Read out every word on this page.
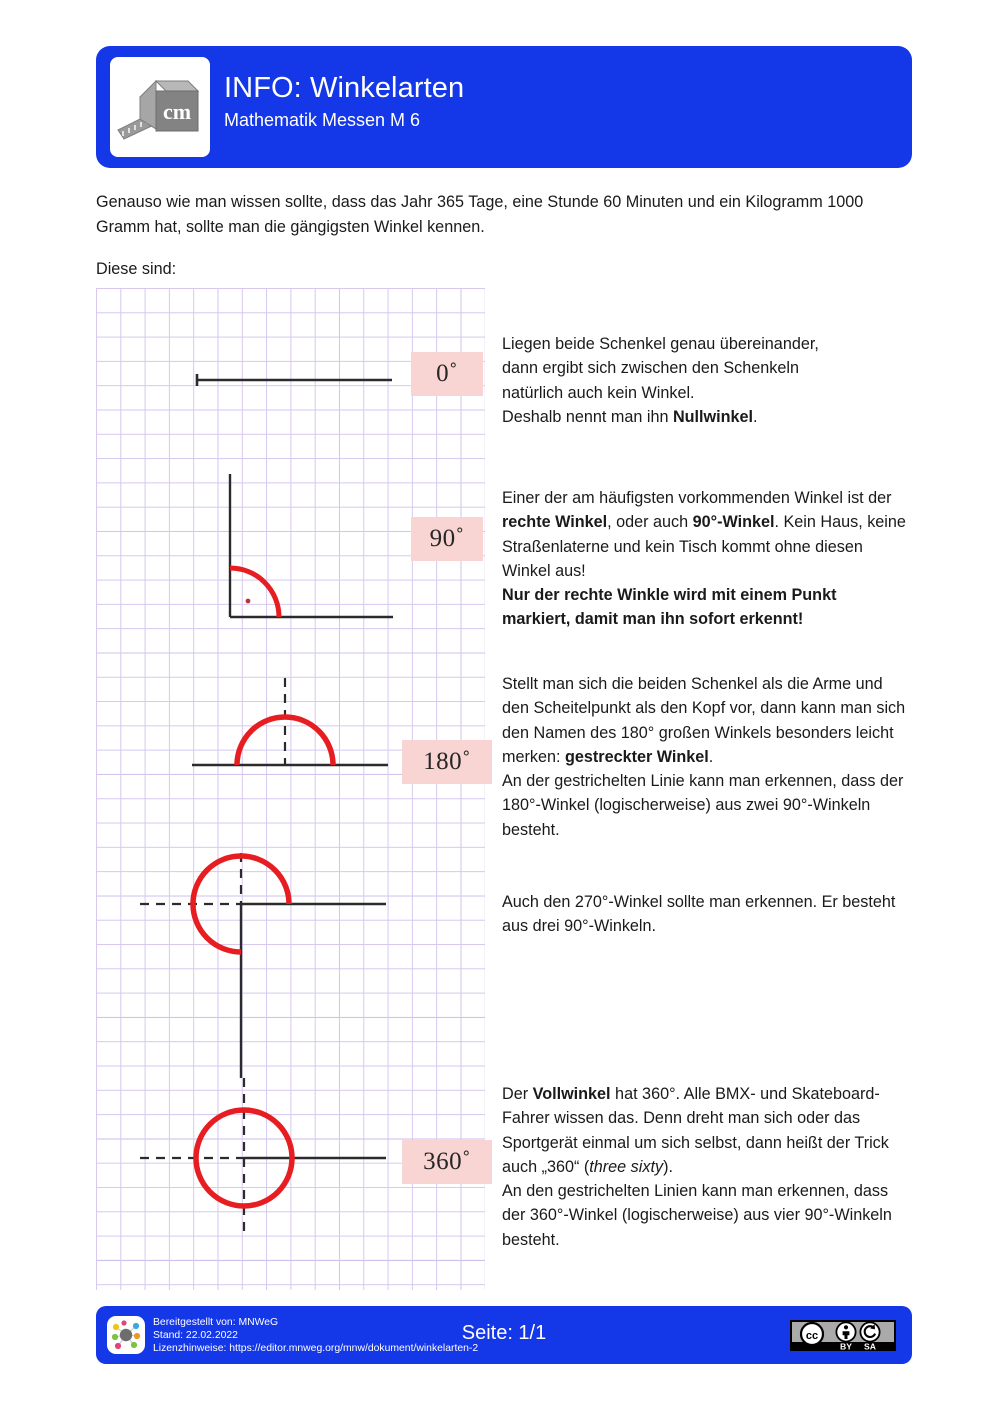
cm
INFO: Winkelarten
Mathematik Messen M 6
Genauso wie man wissen sollte, dass das Jahr 365 Tage, eine Stunde 60 Minuten und ein Kilogramm 1000 Gramm hat, sollte man die gängigsten Winkel kennen.
Diese sind:
0˚
90˚
180˚
360˚
Liegen beide Schenkel genau übereinander,
dann ergibt sich zwischen den Schenkeln
natürlich auch kein Winkel.
Deshalb nennt man ihn Nullwinkel.
Einer der am häufigsten vorkommenden Winkel ist der rechte Winkel, oder auch 90°-Winkel. Kein Haus, keine Straßenlaterne und kein Tisch kommt ohne diesen Winkel aus!
Nur der rechte Winkle wird mit einem Punkt markiert, damit man ihn sofort erkennt!
Stellt man sich die beiden Schenkel als die Arme und den Scheitelpunkt als den Kopf vor, dann kann man sich den Namen des 180° großen Winkels besonders leicht merken: gestreckter Winkel.
An der gestrichelten Linie kann man erkennen, dass der 180°-Winkel (logischerweise) aus zwei 90°-Winkeln besteht.
Auch den 270°-Winkel sollte man erkennen. Er besteht aus drei 90°-Winkeln.
Der Vollwinkel hat 360°. Alle BMX- und Skateboard-Fahrer wissen das. Denn dreht man sich oder das Sportgerät einmal um sich selbst, dann heißt der Trick auch „360“ (three sixty).
An den gestrichelten Linien kann man erkennen, dass der 360°-Winkel (logischerweise) aus vier 90°-Winkeln besteht.
Bereitgestellt von: MNWeG
Stand: 22.02.2022
Lizenzhinweise: https://editor.mnweg.org/mnw/dokument/winkelarten-2
Seite: 1/1	cc
BY SA
